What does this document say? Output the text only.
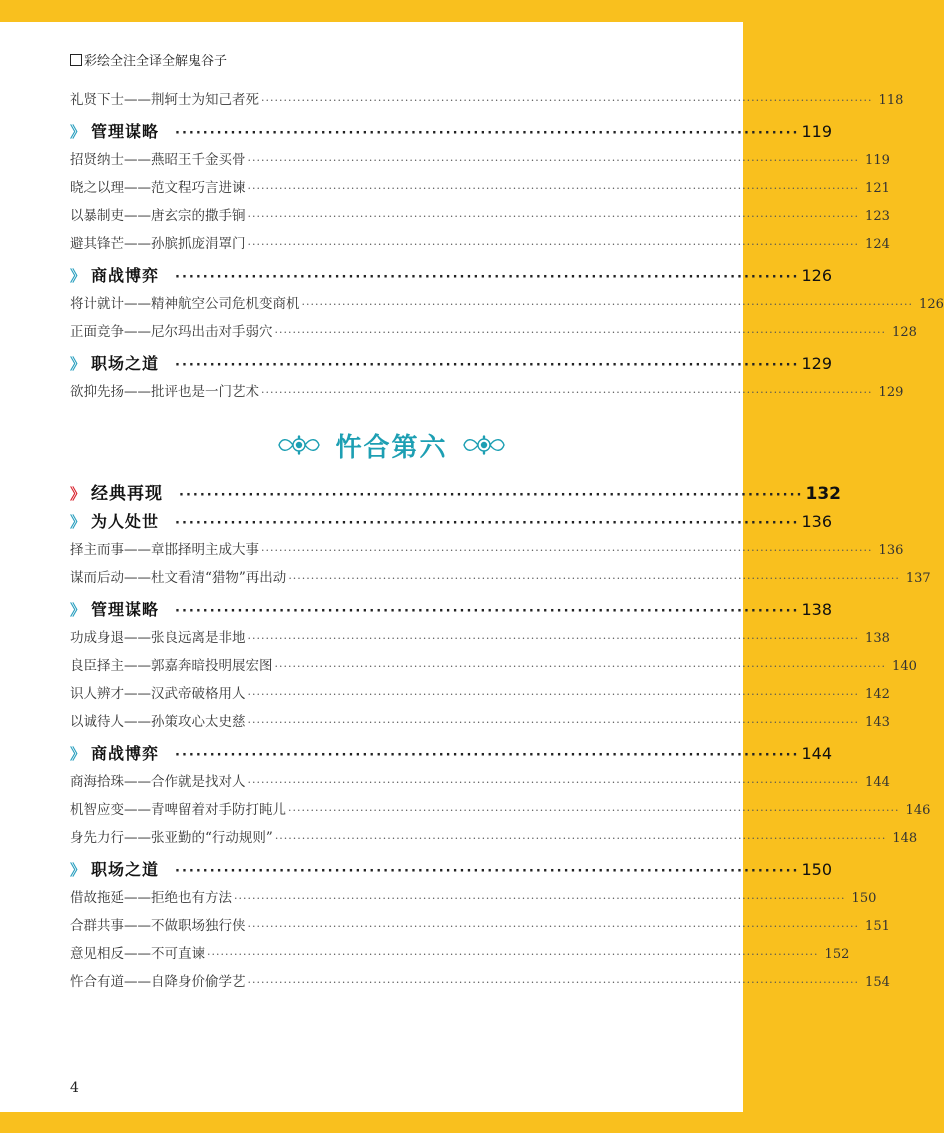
彩绘全注全译全解鬼谷子
礼贤下士——荆轲士为知己者死 ········································································································································ 118
》 管理谋略 ·························································································· 119
招贤纳士——燕昭王千金买骨 ········································································································································ 119
晓之以理——范文程巧言进谏 ········································································································································ 121
以暴制吏——唐玄宗的撒手锏 ········································································································································ 123
避其锋芒——孙膑抓庞涓罩门 ········································································································································ 124
》 商战博弈 ·························································································· 126
将计就计——精神航空公司危机变商机 ········································································································································ 126
正面竞争——尼尔玛出击对手弱穴 ········································································································································ 128
》 职场之道 ·························································································· 129
欲抑先扬——批评也是一门艺术 ········································································································································ 129
忤合第六
》 经典再现 ·························································································· 132
》 为人处世 ·························································································· 136
择主而事——章邯择明主成大事 ········································································································································ 136
谋而后动——杜文看清“猎物”再出动 ········································································································································ 137
》 管理谋略 ·························································································· 138
功成身退——张良远离是非地 ········································································································································ 138
良臣择主——郭嘉奔暗投明展宏图 ········································································································································ 140
识人辨才——汉武帝破格用人 ········································································································································ 142
以诚待人——孙策攻心太史慈 ········································································································································ 143
》 商战博弈 ·························································································· 144
商海拾珠——合作就是找对人 ········································································································································ 144
机智应变——青啤留着对手防打盹儿 ········································································································································ 146
身先力行——张亚勤的“行动规则” ········································································································································ 148
》 职场之道 ·························································································· 150
借故拖延——拒绝也有方法 ········································································································································ 150
合群共事——不做职场独行侠 ········································································································································ 151
意见相反——不可直谏 ········································································································································ 152
忤合有道——自降身价偷学艺 ········································································································································ 154
4
